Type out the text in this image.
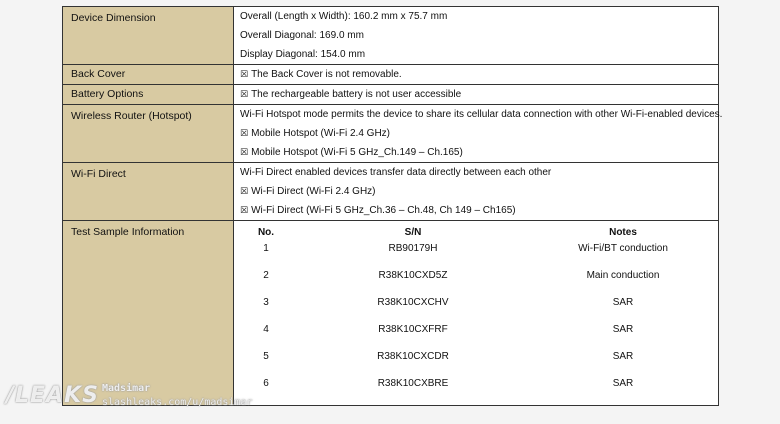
Device Dimension	Overall (Length x Width): 160.2 mm x 75.7 mm
Overall Diagonal: 169.0 mm
Display Diagonal: 154.0 mm

Back Cover	☒ The Back Cover is not removable.

Battery Options	☒ The rechargeable battery is not user accessible

Wireless Router (Hotspot)	Wi-Fi Hotspot mode permits the device to share its cellular data connection with other Wi-Fi-enabled devices.
☒ Mobile Hotspot (Wi-Fi 2.4 GHz)
☒ Mobile Hotspot (Wi-Fi 5 GHz_Ch.149 – Ch.165)

Wi-Fi Direct	Wi-Fi Direct enabled devices transfer data directly between each other
☒ Wi-Fi Direct (Wi-Fi 2.4 GHz)
☒ Wi-Fi Direct (Wi-Fi 5 GHz_Ch.36 – Ch.48, Ch 149 – Ch165)

Test Sample Information		No.	S/N	Notes
1	RB90179H	Wi-Fi/BT conduction
2	R38K10CXD5Z	Main conduction
3	R38K10CXCHV	SAR
4	R38K10CXFRF	SAR
5	R38K10CXCDR	SAR
6	R38K10CXBRE	SAR
/LEAKS Madsimar
slashleaks.com/u/madsimar
